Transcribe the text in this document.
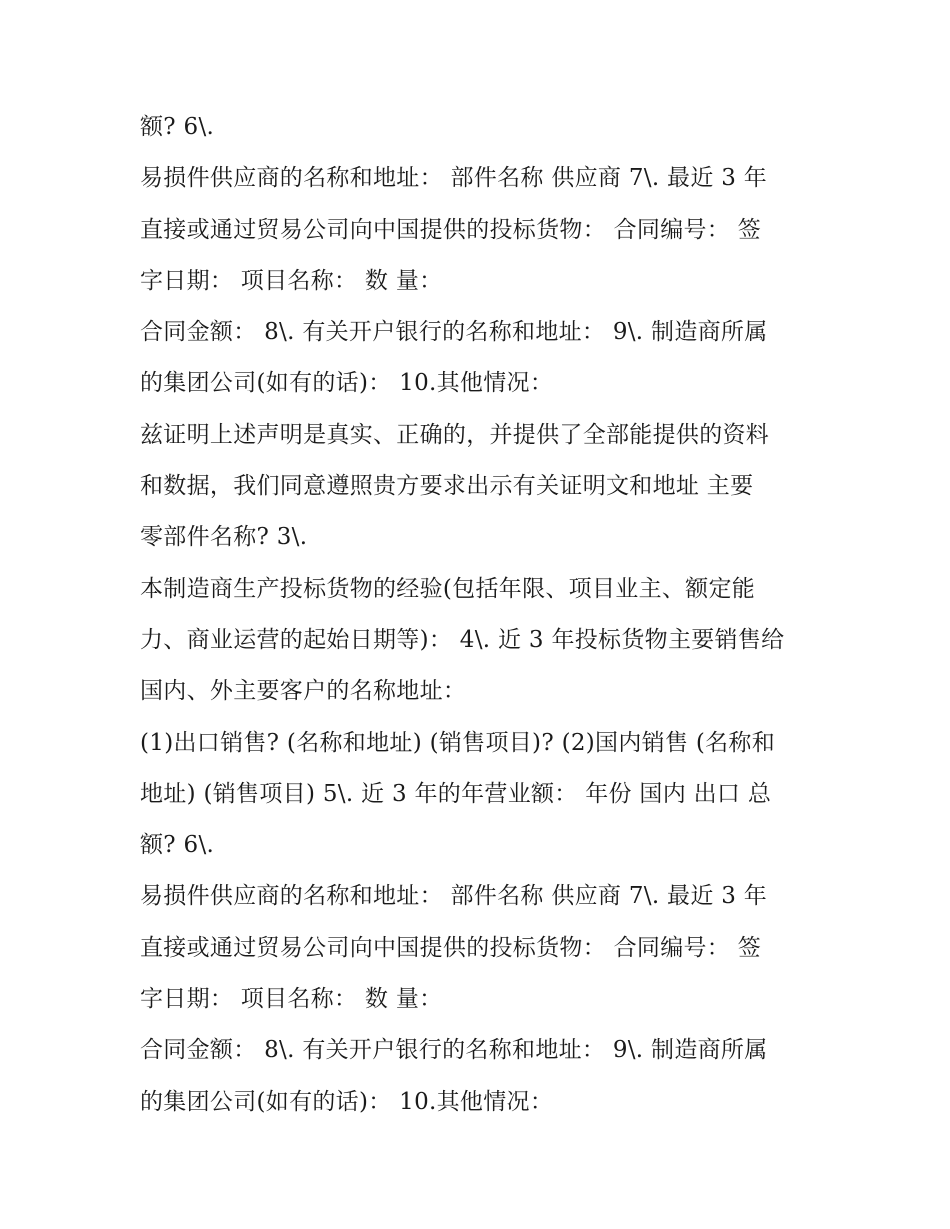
额? 6\.
易损件供应商的名称和地址： 部件名称 供应商 7\. 最近 3 年
直接或通过贸易公司向中国提供的投标货物： 合同编号： 签
字日期： 项目名称： 数 量：
合同金额： 8\. 有关开户银行的名称和地址： 9\. 制造商所属
的集团公司(如有的话)： 10.其他情况：
兹证明上述声明是真实、正确的，并提供了全部能提供的资料
和数据，我们同意遵照贵方要求出示有关证明文和地址 主要
零部件名称? 3\.
本制造商生产投标货物的经验(包括年限、项目业主、额定能
力、商业运营的起始日期等)： 4\. 近 3 年投标货物主要销售给
国内、外主要客户的名称地址：
(1)出口销售? (名称和地址) (销售项目)? (2)国内销售 (名称和
地址) (销售项目) 5\. 近 3 年的年营业额： 年份 国内 出口 总
额? 6\.
易损件供应商的名称和地址： 部件名称 供应商 7\. 最近 3 年
直接或通过贸易公司向中国提供的投标货物： 合同编号： 签
字日期： 项目名称： 数 量：
合同金额： 8\. 有关开户银行的名称和地址： 9\. 制造商所属
的集团公司(如有的话)： 10.其他情况：
